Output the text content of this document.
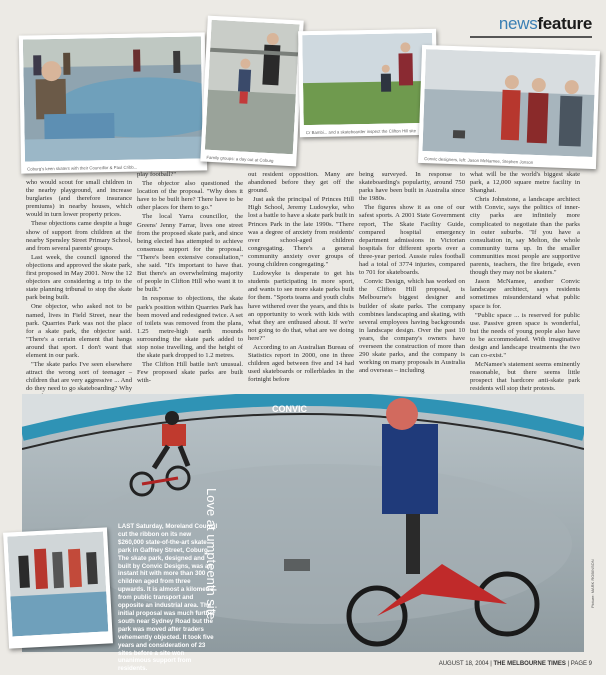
newsfeature
Coburg's keen skaters with their Councillor & Paul Cribb...
Family groups: a day out at Coburg
Cr Bambi... and a skateboarder inspect the Clifton Hill site
Convic designers, left: Jason McNamee, Stephen Jonson

who would scout for small children in the nearby playground, and increase burglaries (and therefore insurance premiums) in nearby houses, which would in turn lower property prices.

These objections came despite a huge show of support from children at the nearby Spensley Street Primary School, and from several parents' groups.

Last week, the council ignored the objections and approved the skate park, first proposed in May 2001. Now the 12 objectors are considering a trip to the state planning tribunal to stop the skate park being built.

One objector, who asked not to be named, lives in Field Street, near the park. Quarries Park was not the place for a skate park, the objector said. "There's a certain element that hangs around that sport. I don't want that element in our park.

"The skate parks I've seen elsewhere attract the wrong sort of teenager – children that are very aggressive ... And do they need to go skateboarding? Why

play football?"

The objector also questioned the location of the proposal. "Why does it have to be built here? There have to be other places for them to go."

The local Yarra councillor, the Greens' Jenny Farrar, lives one street from the proposed skate park, and since being elected has attempted to achieve consensus support for the proposal. "There's been extensive consultation," she said. "It's important to have that. But there's an overwhelming majority of people in Clifton Hill who want it to be built."

In response to objections, the skate park's position within Quarries Park has been moved and redesigned twice. A set of toilets was removed from the plans, 1.25 metre-high earth mounds surrounding the skate park added to stop noise travelling, and the height of the skate park dropped to 1.2 metres.

The Clifton Hill battle isn't unusual. Few proposed skate parks are built with-

out resident opposition. Many are abandoned before they get off the ground.

Just ask the principal of Princes Hill High School, Jeremy Ludowyke, who lost a battle to have a skate park built in Princes Park in the late 1990s. "There was a degree of anxiety from residents' over school-aged children congregating. There's a general community anxiety over groups of young children congregating."

Ludowyke is desperate to get his students participating in more sport, and wants to see more skate parks built for them. "Sports teams and youth clubs have withered over the years, and this is an opportunity to work with kids with what they are enthused about. If we're not going to do that, what are we doing here?"

According to an Australian Bureau of Statistics report in 2000, one in three children aged between five and 14 had used skateboards or rollerblades in the fortnight before

being surveyed. In response to skateboarding's popularity, around 750 parks have been built in Australia since the 1980s.

The figures show it as one of our safest sports. A 2001 State Government report, The Skate Facility Guide, compared hospital emergency department admissions in Victorian hospitals for different sports over a three-year period. Aussie rules football had a total of 3774 injuries, compared to 701 for skateboards.

Convic Design, which has worked on the Clifton Hill proposal, is Melbourne's biggest designer and builder of skate parks. The company combines landscaping and skating, with several employees having backgrounds in landscape design. Over the past 10 years, the company's owners have overseen the construction of more than 290 skate parks, and the company is working on many proposals in Australia and overseas – including

what will be the world's biggest skate park, a 12,000 square metre facility in Shanghai.

Chris Johnstone, a landscape architect with Convic, says the politics of inner-city parks are infinitely more complicated to negotiate than the parks in outer suburbs. "If you have a consultation in, say Melton, the whole community turns up. In the smaller communities most people are supportive parents, teachers, the fire brigade, even though they may not be skaters."

Jason McNamee, another Convic landscape architect, says residents sometimes misunderstand what public space is for.

"Public space ... is reserved for public use. Passive green space is wonderful, but the needs of young people also have to be accommodated. With imaginative design and landscape treatments the two can co-exist."

McNamee's statement seems eminently reasonable, but there seems little prospect that hardcore anti-skate park residents will stop their protests.

CONVIC
Love at umpteenth site
LAST Saturday, Moreland Council cut the ribbon on its new $260,000 state-of-the-art skate park in Gaffney Street, Coburg. The skate park, designed and built by Convic Designs, was an instant hit with more than 300 children aged from three upwards. It is almost a kilometre from public transport and opposite an industrial area. The initial proposal was much further south near Sydney Road but the park was moved after traders vehemently objected. It took five years and consideration of 23 sites before a site won unanimous support from residents.
Picture: MARK ROBINSON
AUGUST 18, 2004 | THE MELBOURNE TIMES | PAGE 9
